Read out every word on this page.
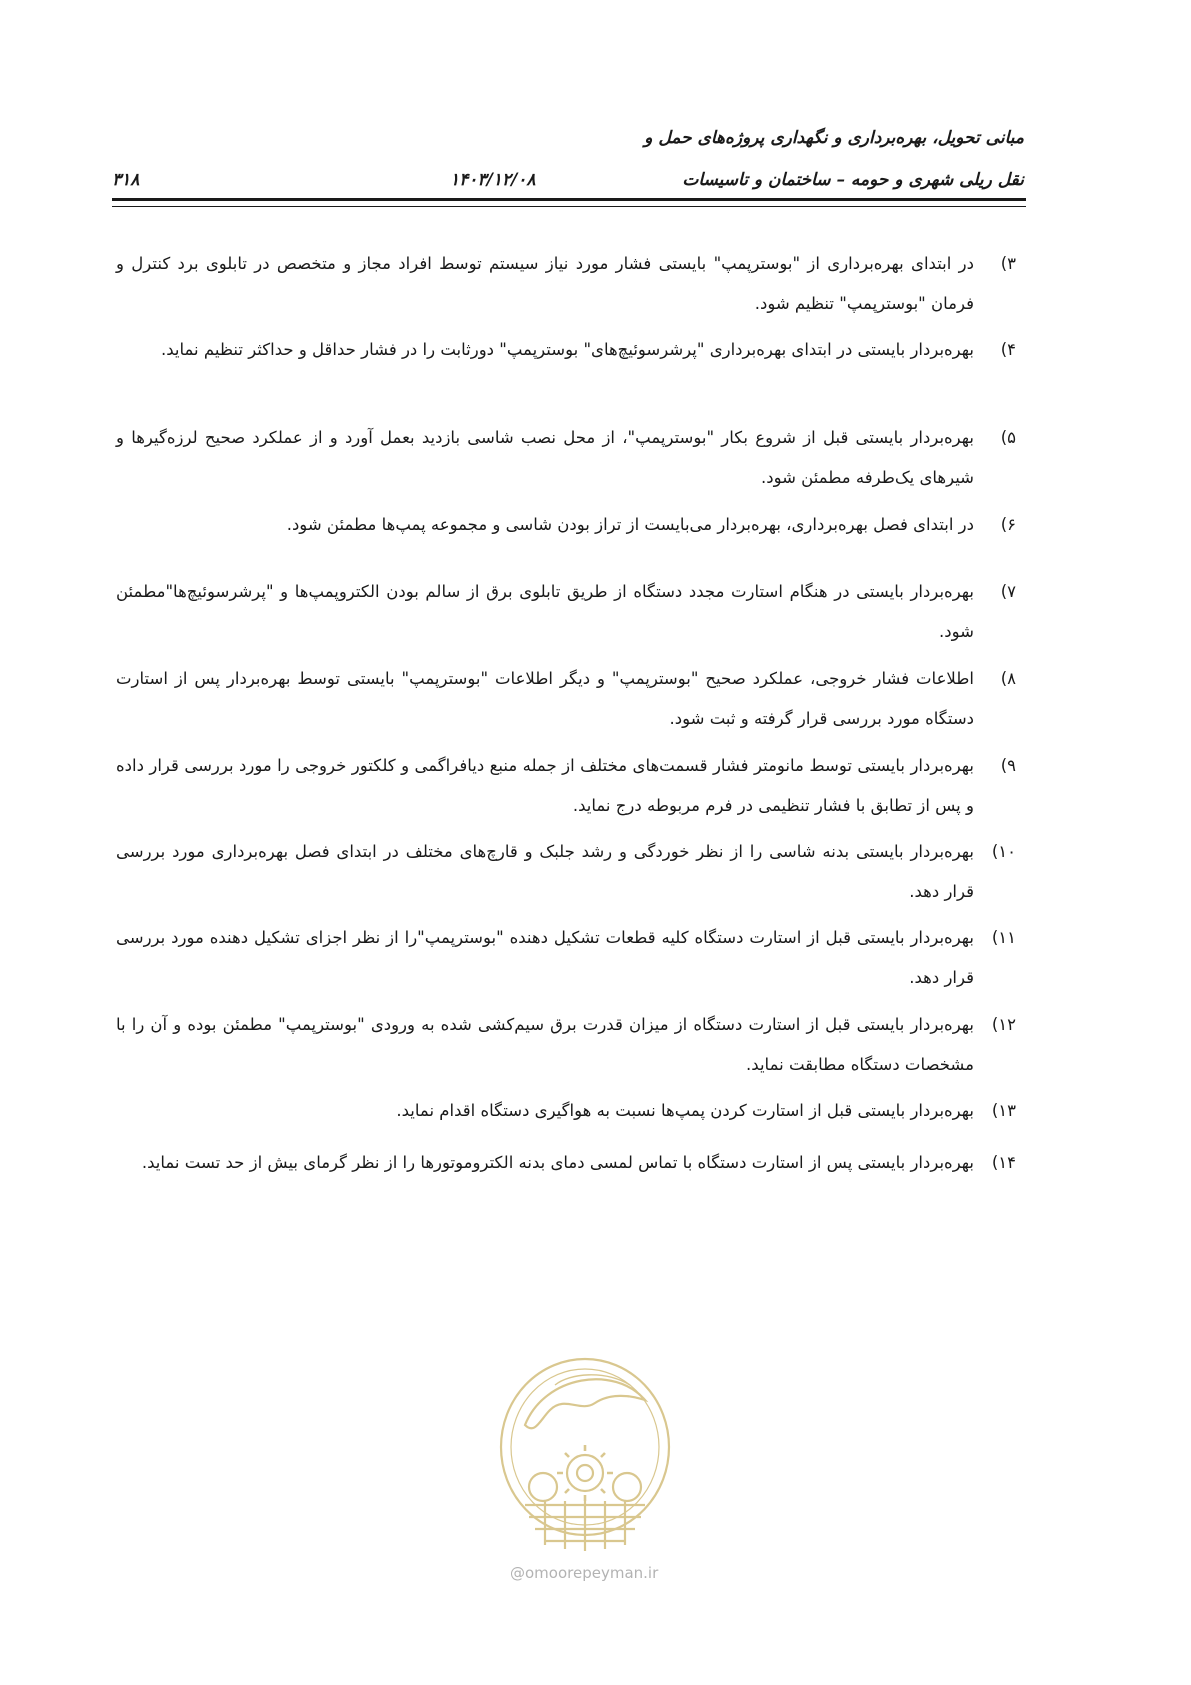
مبانی تحویل، بهره‌برداری و نگهداری پروژه‌های حمل و
نقل ریلی شهری و حومه – ساختمان و تاسیسات
۱۴۰۳/۱۲/۰۸
۳۱۸
۳)
در ابتدای بهره‌برداری از "بوسترپمپ" بایستی فشار مورد نیاز سیستم توسط افراد مجاز و متخصص در تابلوی برد کنترل و فرمان "بوسترپمپ" تنظیم شود.
۴)
بهره‌بردار بایستی در ابتدای بهره‌برداری "پرشرسوئیچ‌های" بوسترپمپ" دورثابت را در فشار حداقل و حداکثر تنظیم نماید.
۵)
بهره‌بردار بایستی قبل از شروع بکار "بوسترپمپ"، از محل نصب شاسی بازدید بعمل آورد و از عملکرد صحیح لرزه‌گیرها و شیرهای یک‌طرفه مطمئن شود.
۶)
در ابتدای فصل بهره‌برداری، بهره‌بردار می‌بایست از تراز بودن شاسی و مجموعه پمپ‌ها مطمئن شود.
۷)
بهره‌بردار بایستی در هنگام استارت مجدد دستگاه از طریق تابلوی برق از سالم بودن الکتروپمپ‌ها و "پرشرسوئیچ‌ها"مطمئن شود.
۸)
اطلاعات فشار خروجی، عملکرد صحیح "بوسترپمپ" و دیگر اطلاعات "بوسترپمپ" بایستی توسط بهره‌بردار پس از استارت دستگاه مورد بررسی قرار گرفته و ثبت شود.
۹)
بهره‌بردار بایستی توسط مانومتر فشار قسمت‌های مختلف از جمله منبع دیافراگمی و کلکتور خروجی را مورد بررسی قرار داده و پس از تطابق با فشار تنظیمی در فرم مربوطه درج نماید.
۱۰)
بهره‌بردار بایستی بدنه شاسی را از نظر خوردگی و رشد جلبک و قارچ‌های مختلف در ابتدای فصل بهره‌برداری مورد بررسی قرار دهد.
۱۱)
بهره‌بردار بایستی قبل از استارت دستگاه کلیه قطعات تشکیل دهنده "بوسترپمپ"را از نظر اجزای تشکیل دهنده مورد بررسی قرار دهد.
۱۲)
بهره‌بردار بایستی قبل از استارت دستگاه از میزان قدرت برق سیم‌کشی شده به ورودی "بوسترپمپ" مطمئن بوده و آن را با مشخصات دستگاه مطابقت نماید.
۱۳)
بهره‌بردار بایستی قبل از استارت کردن پمپ‌ها نسبت به هواگیری دستگاه اقدام نماید.
۱۴)
بهره‌بردار بایستی پس از استارت دستگاه با تماس لمسی دمای بدنه الکتروموتورها را از نظر گرمای بیش از حد تست نماید.
@omoorepeyman.ir
